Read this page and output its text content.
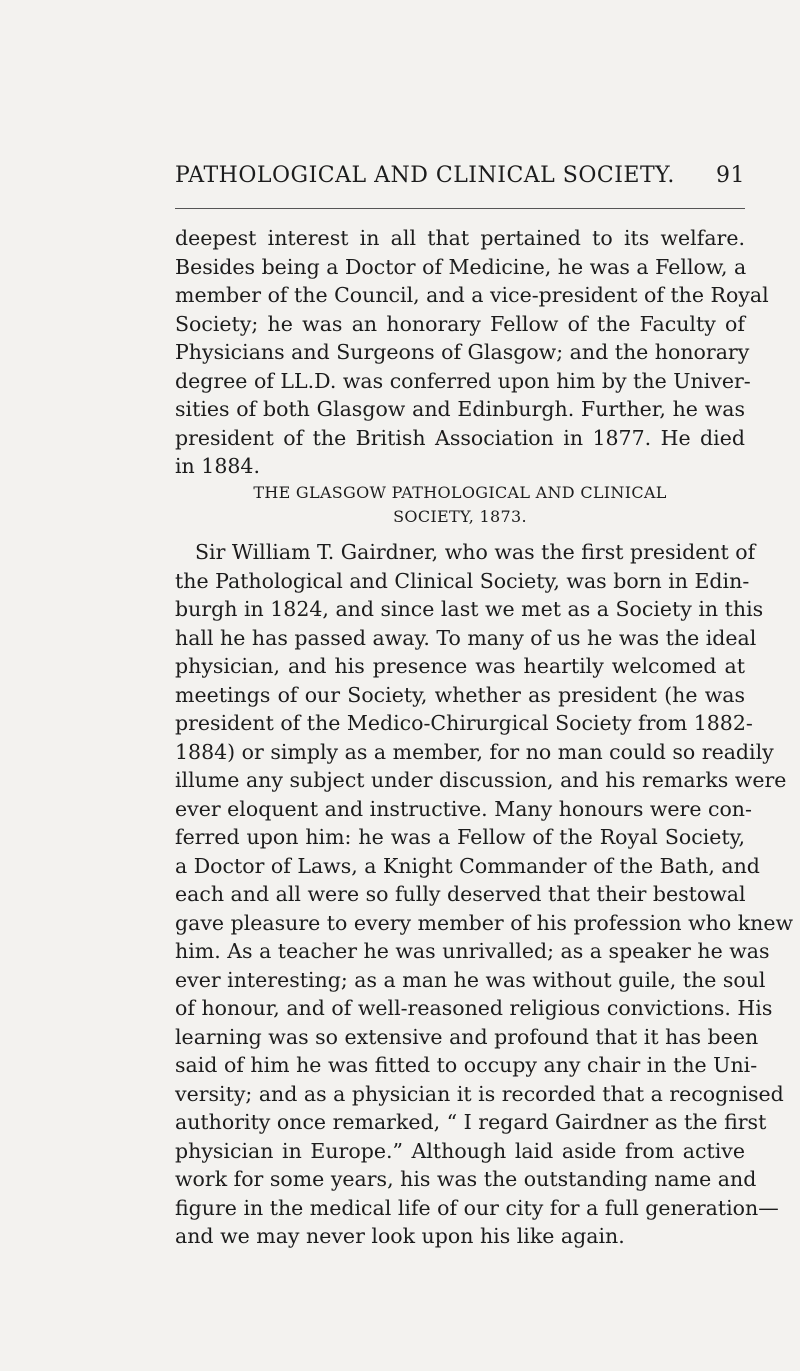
PATHOLOGICAL AND CLINICAL SOCIETY. 91
deepest interest in all that pertained to its welfare.
Besides being a Doctor of Medicine, he was a Fellow, a
member of the Council, and a vice-president of the Royal
Society; he was an honorary Fellow of the Faculty of
Physicians and Surgeons of Glasgow; and the honorary
degree of LL.D. was conferred upon him by the Univer-
sities of both Glasgow and Edinburgh. Further, he was
president of the British Association in 1877. He died
in 1884.
THE GLASGOW PATHOLOGICAL AND CLINICAL
SOCIETY, 1873.
Sir William T. Gairdner, who was the first president of
the Pathological and Clinical Society, was born in Edin-
burgh in 1824, and since last we met as a Society in this
hall he has passed away. To many of us he was the ideal
physician, and his presence was heartily welcomed at
meetings of our Society, whether as president (he was
president of the Medico-Chirurgical Society from 1882-
1884) or simply as a member, for no man could so readily
illume any subject under discussion, and his remarks were
ever eloquent and instructive. Many honours were con-
ferred upon him: he was a Fellow of the Royal Society,
a Doctor of Laws, a Knight Commander of the Bath, and
each and all were so fully deserved that their bestowal
gave pleasure to every member of his profession who knew
him. As a teacher he was unrivalled; as a speaker he was
ever interesting; as a man he was without guile, the soul
of honour, and of well-reasoned religious convictions. His
learning was so extensive and profound that it has been
said of him he was fitted to occupy any chair in the Uni-
versity; and as a physician it is recorded that a recognised
authority once remarked, “ I regard Gairdner as the first
physician in Europe.” Although laid aside from active
work for some years, his was the outstanding name and
figure in the medical life of our city for a full generation—
and we may never look upon his like again.
